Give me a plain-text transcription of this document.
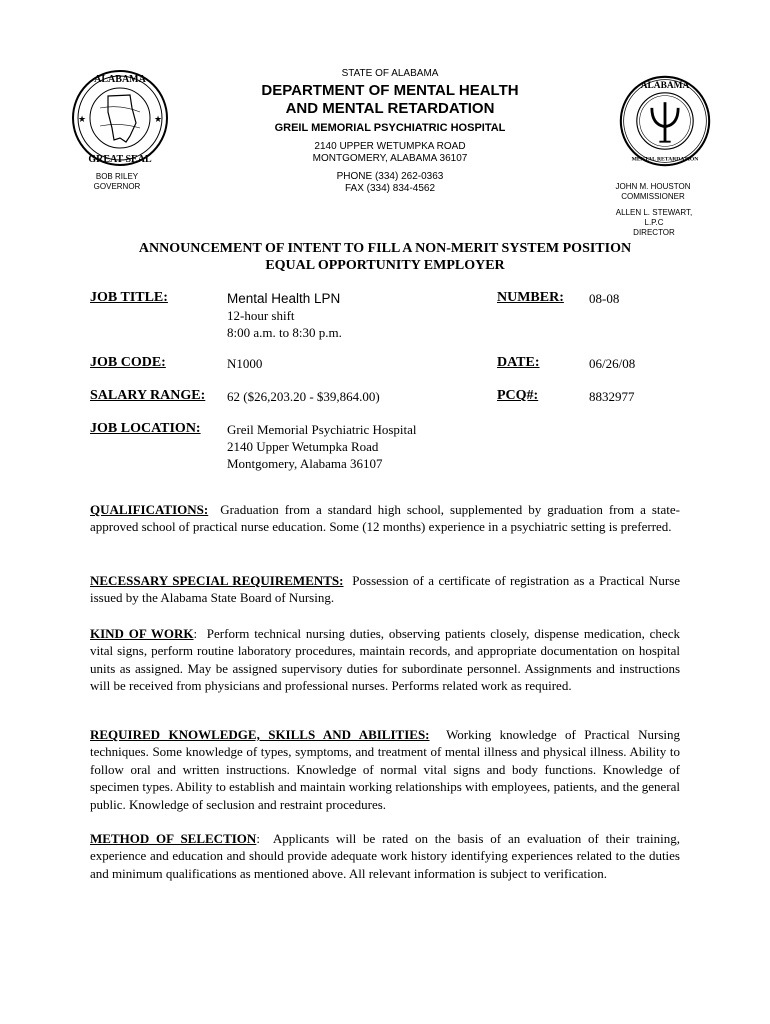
ALABAMA
GREAT SEAL
★	★
ALABAMA
MENTAL RETARDATION
STATE OF ALABAMA
DEPARTMENT OF MENTAL HEALTH
AND MENTAL RETARDATION
GREIL MEMORIAL PSYCHIATRIC HOSPITAL
2140 UPPER WETUMPKA ROAD
MONTGOMERY, ALABAMA 36107
PHONE (334) 262-0363
FAX (334) 834-4562
BOB RILEY
GOVERNOR	JOHN M. HOUSTON
COMMISSIONER
ALLEN L. STEWART, L.P.C
DIRECTOR
ANNOUNCEMENT OF INTENT TO FILL A NON-MERIT SYSTEM POSITION
EQUAL OPPORTUNITY EMPLOYER
JOB TITLE:	Mental Health LPN
12-hour shift
8:00 a.m. to 8:30 p.m.
NUMBER: 08-08
JOB CODE:	N1000	DATE:	06/26/08
SALARY RANGE: 62 ($26,203.20 - $39,864.00)	PCQ#:	8832977
JOB LOCATION: Greil Memorial Psychiatric Hospital
2140 Upper Wetumpka Road
Montgomery, Alabama 36107
QUALIFICATIONS: Graduation from a standard high school, supplemented by graduation from a state-approved school of practical nurse education. Some (12 months) experience in a psychiatric setting is preferred.
NECESSARY SPECIAL REQUIREMENTS: Possession of a certificate of registration as a Practical Nurse issued by the Alabama State Board of Nursing.
KIND OF WORK:  Perform technical nursing duties, observing patients closely, dispense medication, check vital signs, perform routine laboratory procedures, maintain records, and appropriate documentation on hospital units as assigned. May be assigned supervisory duties for subordinate personnel. Assignments and instructions will be received from physicians and professional nurses. Performs related work as required.
REQUIRED KNOWLEDGE, SKILLS AND ABILITIES: Working knowledge of Practical Nursing techniques. Some knowledge of types, symptoms, and treatment of mental illness and physical illness. Ability to follow oral and written instructions. Knowledge of normal vital signs and body functions. Knowledge of specimen types. Ability to establish and maintain working relationships with employees, patients, and the general public. Knowledge of seclusion and restraint procedures.
METHOD OF SELECTION:  Applicants will be rated on the basis of an evaluation of their training, experience and education and should provide adequate work history identifying experiences related to the duties and minimum qualifications as mentioned above. All relevant information is subject to verification.
